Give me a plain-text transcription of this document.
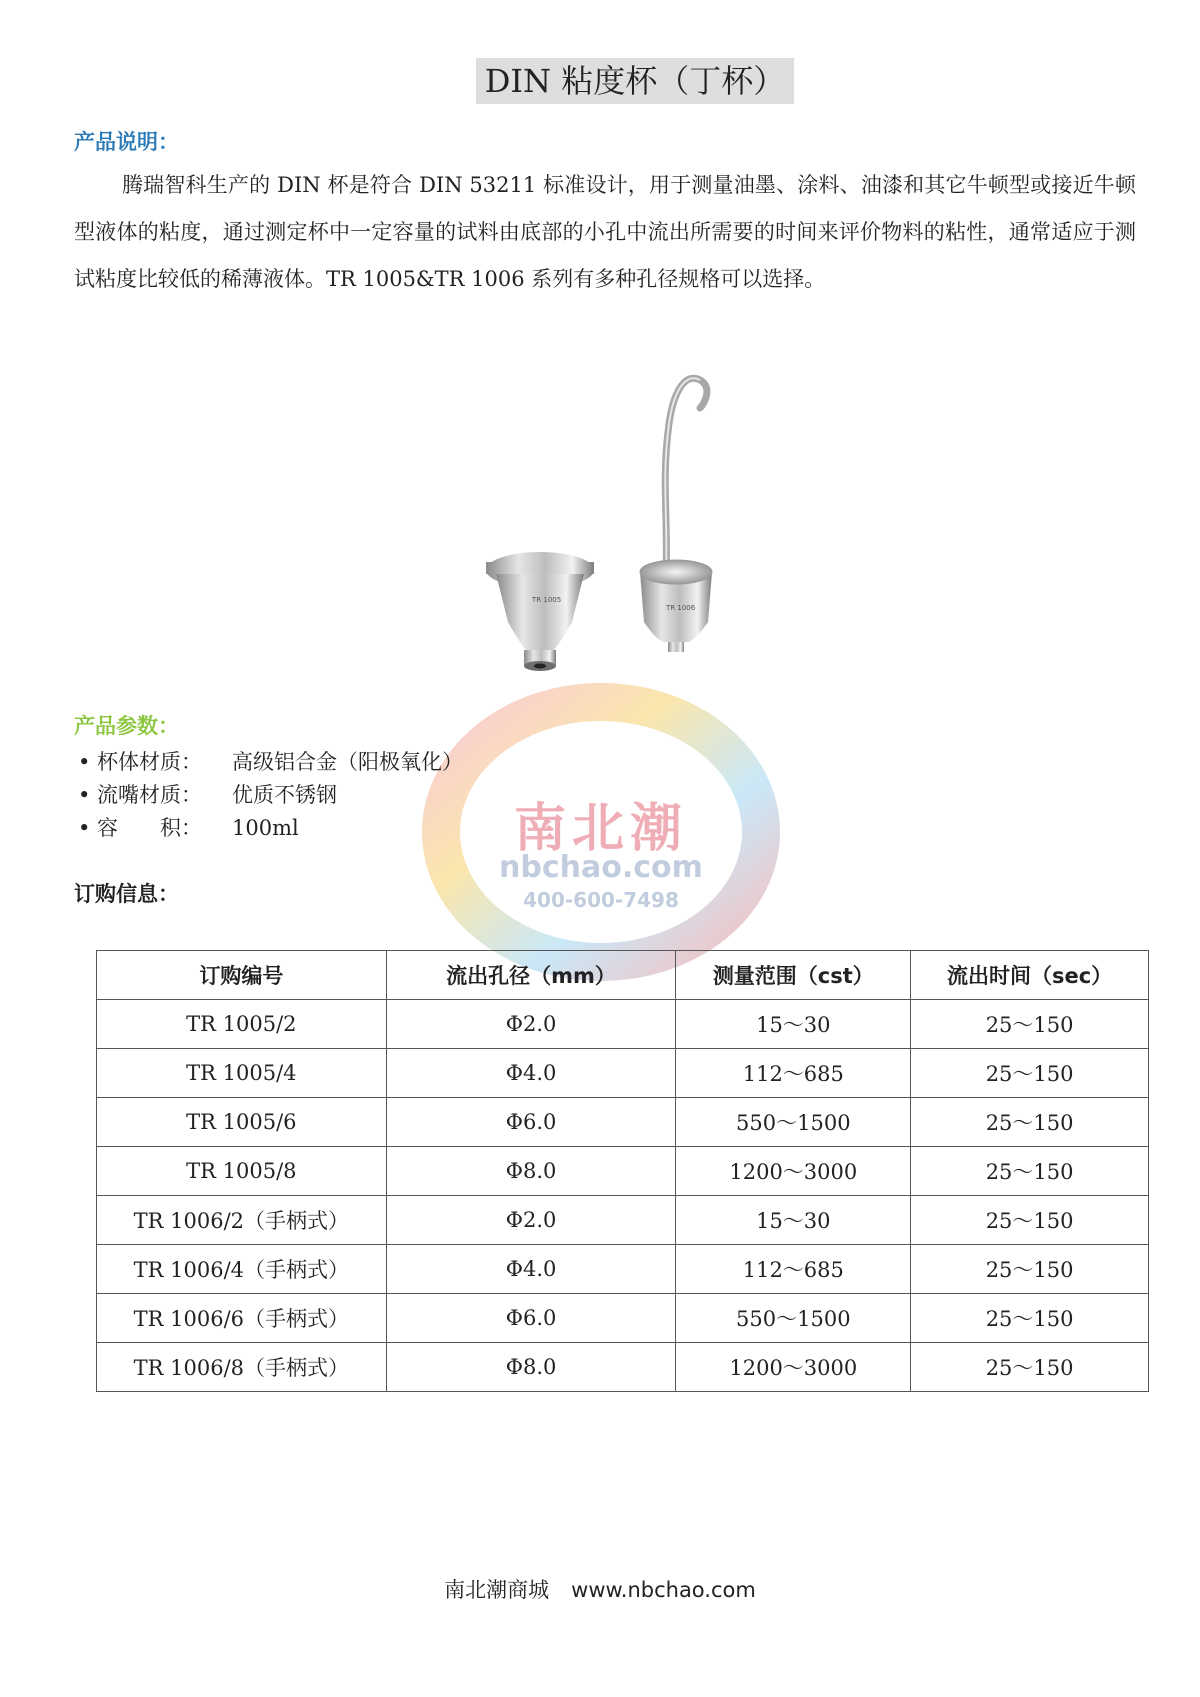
DIN 粘度杯（丁杯）
产品说明：
腾瑞智科生产的 DIN 杯是符合 DIN 53211 标准设计，用于测量油墨、涂料、油漆和其它牛顿型或接近牛顿型液体的粘度，通过测定杯中一定容量的试料由底部的小孔中流出所需要的时间来评价物料的粘性，通常适应于测试粘度比较低的稀薄液体。TR 1005&TR 1006 系列有多种孔径规格可以选择。
南北潮
nbchao.com
400-600-7498
TR 1005
TR 1006
产品参数：
• 杯体材质：	高级铝合金（阳极氧化）
• 流嘴材质：	优质不锈钢
• 容　　积：	100ml
订购信息：
订购编号	流出孔径（mm）	测量范围（cst）	流出时间（sec）
TR 1005/2	Φ2.0	15～30	25～150
TR 1005/4	Φ4.0	112～685	25～150
TR 1005/6	Φ6.0	550～1500	25～150
TR 1005/8	Φ8.0	1200～3000	25～150
TR 1006/2（手柄式）	Φ2.0	15～30	25～150
TR 1006/4（手柄式）	Φ4.0	112～685	25～150
TR 1006/6（手柄式）	Φ6.0	550～1500	25～150
TR 1006/8（手柄式）	Φ8.0	1200～3000	25～150
南北潮商城 www.nbchao.com
